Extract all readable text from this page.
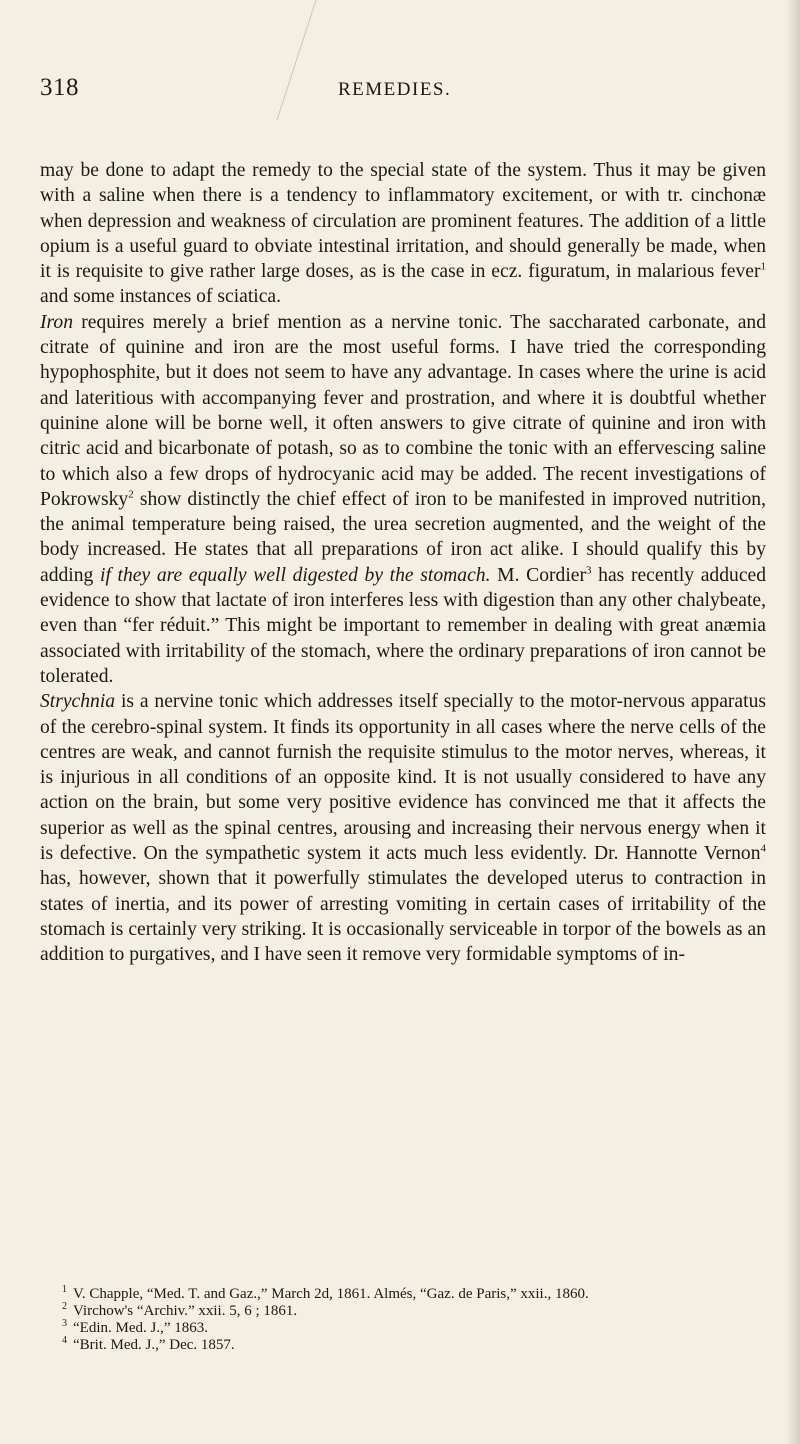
318	REMEDIES.

may be done to adapt the remedy to the special state of the system. Thus it may be given with a saline when there is a tendency to inflammatory excitement, or with tr. cinchonæ when depression and weakness of circulation are prominent features. The addition of a little opium is a useful guard to obviate intestinal irritation, and should generally be made, when it is requisite to give rather large doses, as is the case in ecz. figuratum, in malarious fever$^1$ and some instances of sciatica.

Iron requires merely a brief mention as a nervine tonic. The saccharated carbonate, and citrate of quinine and iron are the most useful forms. I have tried the corresponding hypophosphite, but it does not seem to have any advantage. In cases where the urine is acid and lateritious with accompanying fever and prostration, and where it is doubtful whether quinine alone will be borne well, it often answers to give citrate of quinine and iron with citric acid and bicarbonate of potash, so as to combine the tonic with an effervescing saline to which also a few drops of hydrocyanic acid may be added. The recent investigations of Pokrowsky$^2$ show distinctly the chief effect of iron to be manifested in improved nutrition, the animal temperature being raised, the urea secretion augmented, and the weight of the body increased. He states that all preparations of iron act alike. I should qualify this by adding if they are equally well digested by the stomach. M. Cordier$^3$ has recently adduced evidence to show that lactate of iron interferes less with digestion than any other chalybeate, even than “fer réduit.” This might be important to remember in dealing with great anæmia associated with irritability of the stomach, where the ordinary preparations of iron cannot be tolerated.

Strychnia is a nervine tonic which addresses itself specially to the motor-nervous apparatus of the cerebro-spinal system. It finds its opportunity in all cases where the nerve cells of the centres are weak, and cannot furnish the requisite stimulus to the motor nerves, whereas, it is injurious in all conditions of an opposite kind. It is not usually considered to have any action on the brain, but some very positive evidence has convinced me that it affects the superior as well as the spinal centres, arousing and increasing their nervous energy when it is defective. On the sympathetic system it acts much less evidently. Dr. Hannotte Vernon$^4$ has, however, shown that it powerfully stimulates the developed uterus to contraction in states of inertia, and its power of arresting vomiting in certain cases of irritability of the stomach is certainly very striking. It is occasionally serviceable in torpor of the bowels as an addition to purgatives, and I have seen it remove very formidable symptoms of in-

$^1$ V. Chapple, “Med. T. and Gaz.,” March 2d, 1861. Almés, “Gaz. de Paris,” xxii., 1860.

$^2$ Virchow's “Archiv.” xxii. 5, 6 ; 1861.

$^3$ “Edin. Med. J.,” 1863.

$^4$ “Brit. Med. J.,” Dec. 1857.
